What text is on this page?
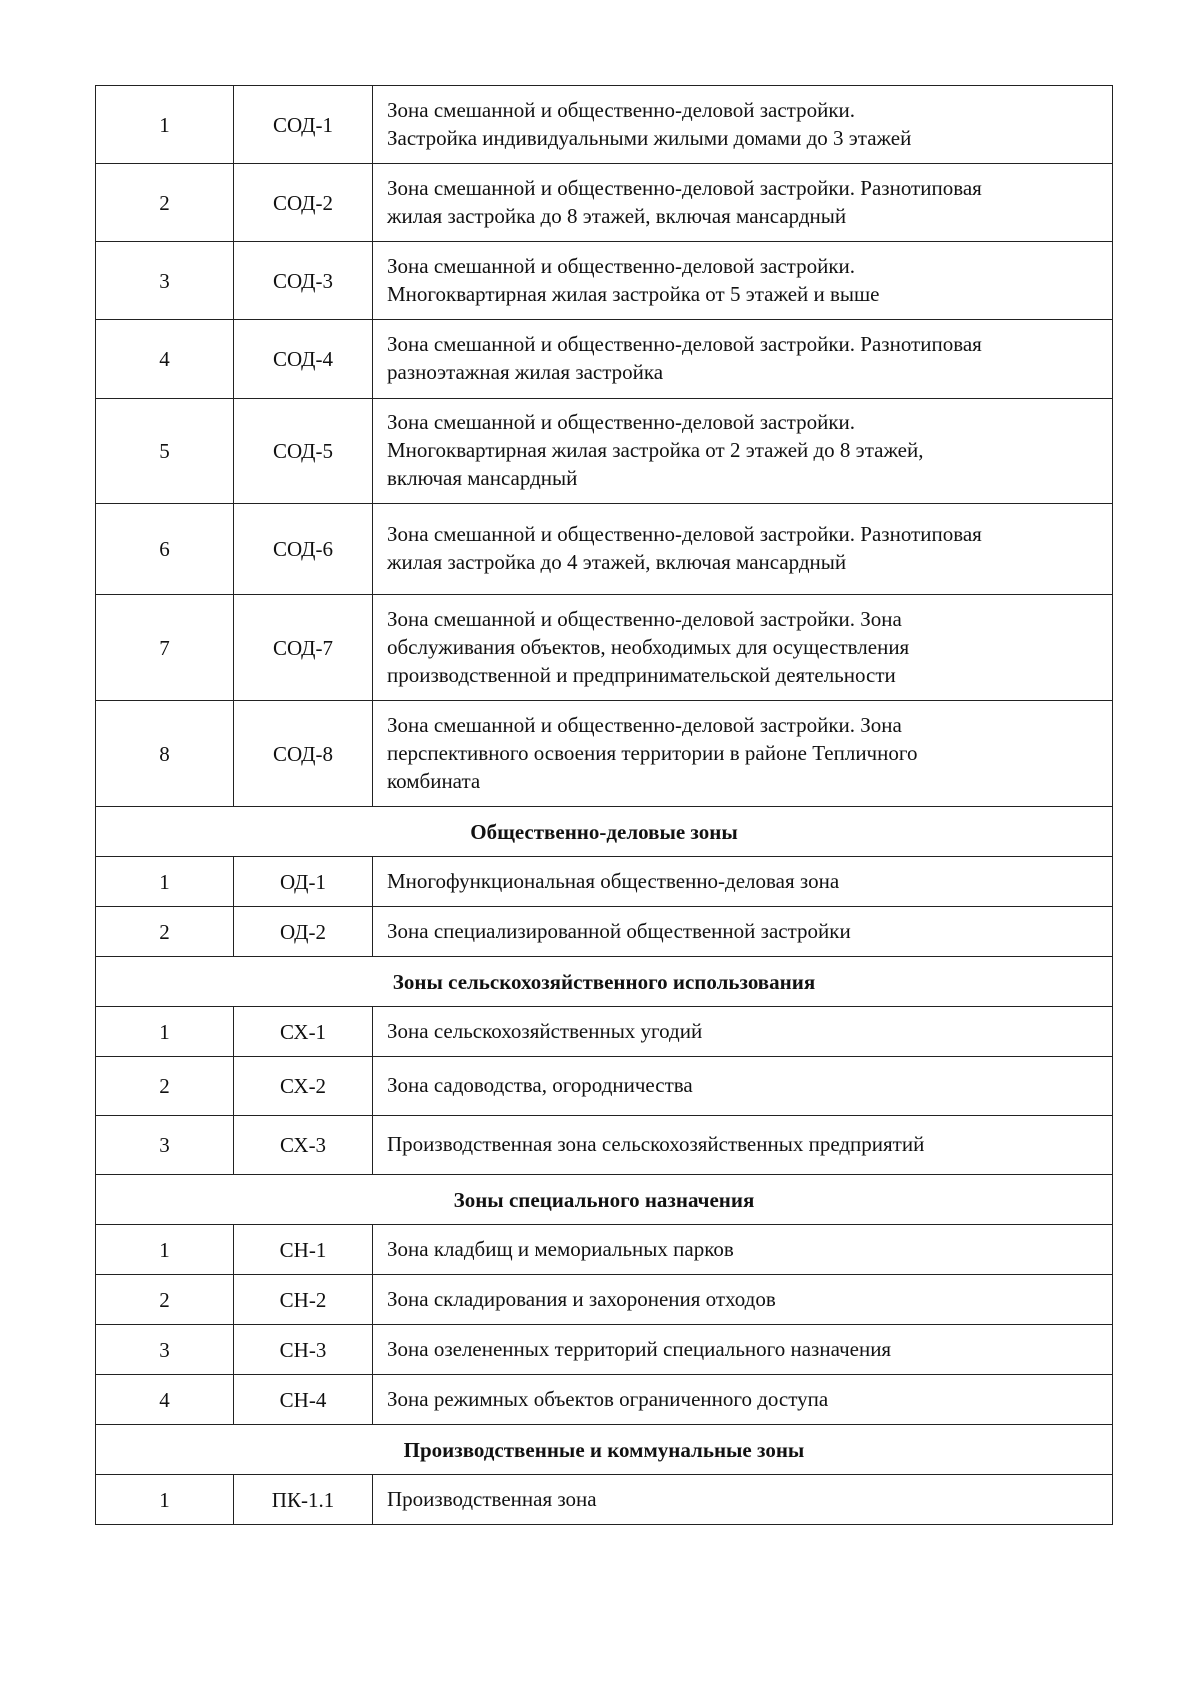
1	СОД-1	Зона смешанной и общественно-деловой застройки.
Застройка индивидуальными жилыми домами до 3 этажей

2	СОД-2	Зона смешанной и общественно-деловой застройки. Разнотиповая
жилая застройка до 8 этажей, включая мансардный

3	СОД-3	Зона смешанной и общественно-деловой застройки.
Многоквартирная жилая застройка от 5 этажей и выше

4	СОД-4	Зона смешанной и общественно-деловой застройки. Разнотиповая
разноэтажная жилая застройка

5	СОД-5	Зона смешанной и общественно-деловой застройки.
Многоквартирная жилая застройка от 2 этажей до 8 этажей,
включая мансардный

6	СОД-6	Зона смешанной и общественно-деловой застройки. Разнотиповая
жилая застройка до 4 этажей, включая мансардный

7	СОД-7	Зона смешанной и общественно-деловой застройки. Зона
обслуживания объектов, необходимых для осуществления
производственной и предпринимательской деятельности

8	СОД-8	Зона смешанной и общественно-деловой застройки. Зона
перспективного освоения территории в районе Тепличного
комбината

Общественно-деловые зоны		
1	ОД-1	Многофункциональная общественно-деловая зона

2	ОД-2	Зона специализированной общественной застройки

Зоны сельскохозяйственного использования		
1	СХ-1	Зона сельскохозяйственных угодий

2	СХ-2	Зона садоводства, огородничества

3	СХ-3	Производственная зона сельскохозяйственных предприятий

Зоны специального назначения		
1	СН-1	Зона кладбищ и мемориальных парков

2	СН-2	Зона складирования и захоронения отходов

3	СН-3	Зона озелененных территорий специального назначения

4	СН-4	Зона режимных объектов ограниченного доступа

Производственные и коммунальные зоны		
1	ПК-1.1	Производственная зона
